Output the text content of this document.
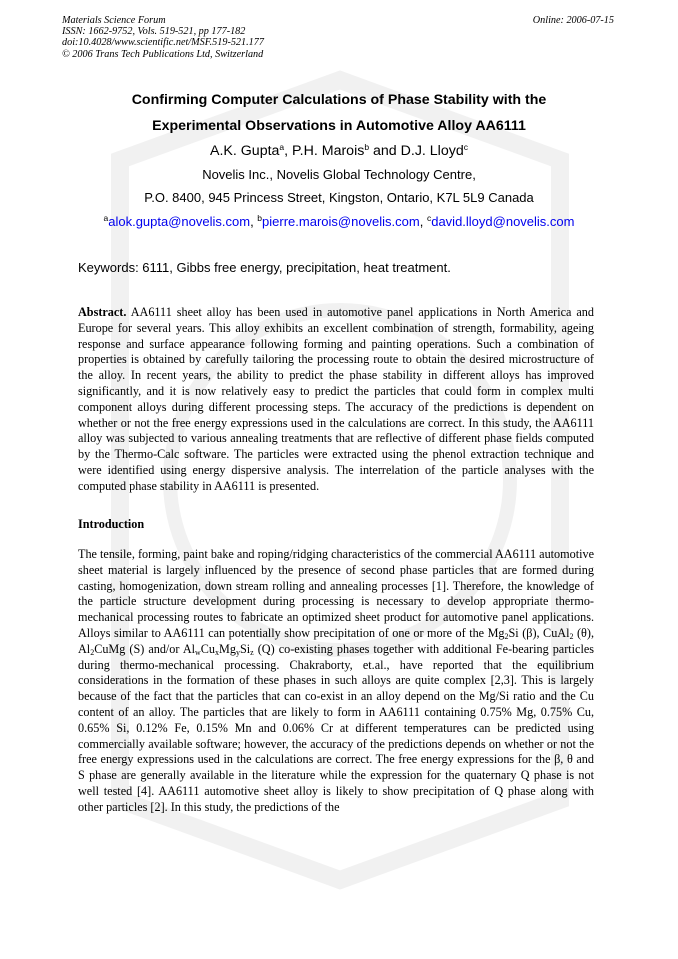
Materials Science Forum
ISSN: 1662-9752, Vols. 519-521, pp 177-182
doi:10.4028/www.scientific.net/MSF.519-521.177
© 2006 Trans Tech Publications Ltd, Switzerland
Online: 2006-07-15
Confirming Computer Calculations of Phase Stability with the
Experimental Observations in Automotive Alloy AA6111
A.K. Gupta$^a$, P.H. Marois$^b$ and D.J. Lloyd$^c$
Novelis Inc., Novelis Global Technology Centre,
P.O. 8400, 945 Princess Street, Kingston, Ontario, K7L 5L9 Canada
$^a$alok.gupta@novelis.com, $^b$pierre.marois@novelis.com, $^c$david.lloyd@novelis.com
Keywords: 6111, Gibbs free energy, precipitation, heat treatment.
Abstract. AA6111 sheet alloy has been used in automotive panel applications in North America and Europe for several years. This alloy exhibits an excellent combination of strength, formability, ageing response and surface appearance following forming and painting operations. Such a combination of properties is obtained by carefully tailoring the processing route to obtain the desired microstructure of the alloy. In recent years, the ability to predict the phase stability in different alloys has improved significantly, and it is now relatively easy to predict the particles that could form in complex multi component alloys during different processing steps. The accuracy of the predictions is dependent on whether or not the free energy expressions used in the calculations are correct. In this study, the AA6111 alloy was subjected to various annealing treatments that are reflective of different phase fields computed by the Thermo-Calc software. The particles were extracted using the phenol extraction technique and were identified using energy dispersive analysis. The interrelation of the particle analyses with the computed phase stability in AA6111 is presented.
Introduction
The tensile, forming, paint bake and roping/ridging characteristics of the commercial AA6111 automotive sheet material is largely influenced by the presence of second phase particles that are formed during casting, homogenization, down stream rolling and annealing processes [1]. Therefore, the knowledge of the particle structure development during processing is necessary to develop appropriate thermo-mechanical processing routes to fabricate an optimized sheet product for automotive panel applications. Alloys similar to AA6111 can potentially show precipitation of one or more of the $Mg_2Si$ (β), CuAl$_2$ (θ), $Al_2CuMg$ (S) and/or $Al_wCu_xMg_ySi_z$ (Q) co-existing phases together with additional Fe-bearing particles during thermo-mechanical processing. Chakraborty, et.al., have reported that the equilibrium considerations in the formation of these phases in such alloys are quite complex [2,3]. This is largely because of the fact that the particles that can co-exist in an alloy depend on the Mg/Si ratio and the Cu content of an alloy. The particles that are likely to form in AA6111 containing 0.75% Mg, 0.75% Cu, 0.65% Si, 0.12% Fe, 0.15% Mn and 0.06% Cr at different temperatures can be predicted using commercially available software; however, the accuracy of the predictions depends on whether or not the free energy expressions used in the calculations are correct. The free energy expressions for the β, θ and S phase are generally available in the literature while the expression for the quaternary Q phase is not well tested [4]. AA6111 automotive sheet alloy is likely to show precipitation of Q phase along with other particles [2]. In this study, the predictions of the
